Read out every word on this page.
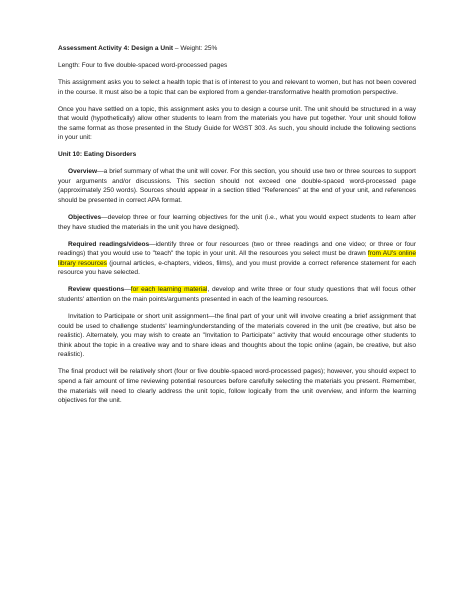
Assessment Activity 4: Design a Unit – Weight: 25%

Length: Four to five double-spaced word-processed pages

This assignment asks you to select a health topic that is of interest to you and relevant to women, but has not been covered in the course. It must also be a topic that can be explored from a gender-transformative health promotion perspective.

Once you have settled on a topic, this assignment asks you to design a course unit. The unit should be structured in a way that would (hypothetically) allow other students to learn from the materials you have put together. Your unit should follow the same format as those presented in the Study Guide for WGST 303. As such, you should include the following sections in your unit:

Unit 10: Eating Disorders

Overview—a brief summary of what the unit will cover. For this section, you should use two or three sources to support your arguments and/or discussions. This section should not exceed one double-spaced word-processed page (approximately 250 words). Sources should appear in a section titled "References" at the end of your unit, and references should be presented in correct APA format.

Objectives—develop three or four learning objectives for the unit (i.e., what you would expect students to learn after they have studied the materials in the unit you have designed).

Required readings/videos—identify three or four resources (two or three readings and one video; or three or four readings) that you would use to "teach" the topic in your unit. All the resources you select must be drawn from AU's online library resources (journal articles, e-chapters, videos, films), and you must provide a correct reference statement for each resource you have selected.

Review questions—for each learning material, develop and write three or four study questions that will focus other students' attention on the main points/arguments presented in each of the learning resources.

Invitation to Participate or short unit assignment—the final part of your unit will involve creating a brief assignment that could be used to challenge students' learning/understanding of the materials covered in the unit (be creative, but also be realistic). Alternately, you may wish to create an "Invitation to Participate" activity that would encourage other students to think about the topic in a creative way and to share ideas and thoughts about the topic online (again, be creative, but also realistic).

The final product will be relatively short (four or five double-spaced word-processed pages); however, you should expect to spend a fair amount of time reviewing potential resources before carefully selecting the materials you present. Remember, the materials will need to clearly address the unit topic, follow logically from the unit overview, and inform the learning objectives for the unit.
